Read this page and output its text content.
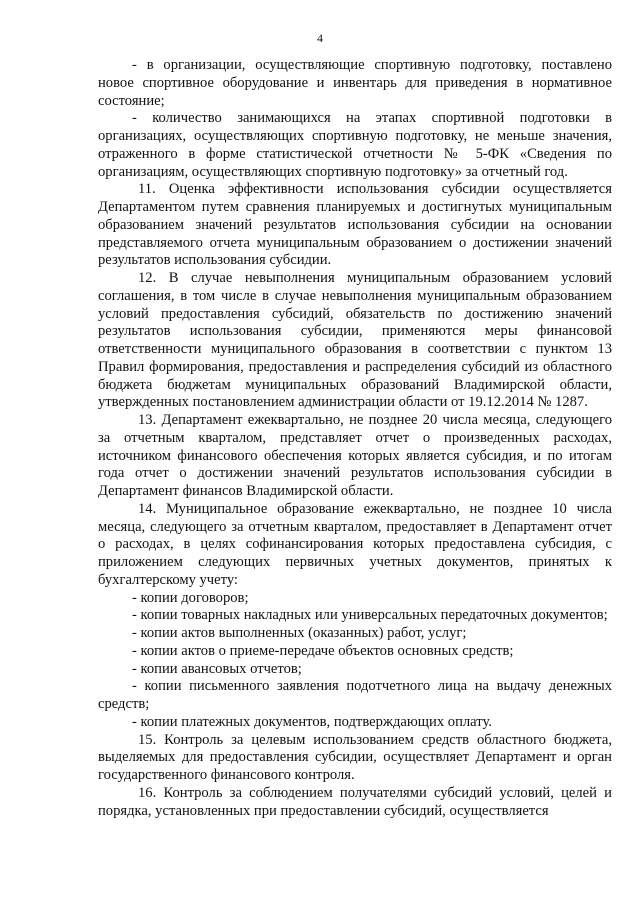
4

- в организации, осуществляющие спортивную подготовку, поставлено новое спортивное оборудование и инвентарь для приведения в нормативное состояние;

- количество занимающихся на этапах спортивной подготовки в организациях, осуществляющих спортивную подготовку, не меньше значения, отраженного в форме статистической отчетности № 5-ФК «Сведения по организациям, осуществляющих спортивную подготовку» за отчетный год.

11. Оценка эффективности использования субсидии осуществляется Департаментом путем сравнения планируемых и достигнутых муниципальным образованием значений результатов использования субсидии на основании представляемого отчета муниципальным образованием о достижении значений результатов использования субсидии.

12. В случае невыполнения муниципальным образованием условий соглашения, в том числе в случае невыполнения муниципальным образованием условий предоставления субсидий, обязательств по достижению значений результатов использования субсидии, применяются меры финансовой ответственности муниципального образования в соответствии с пунктом 13 Правил формирования, предоставления и распределения субсидий из областного бюджета бюджетам муниципальных образований Владимирской области, утвержденных постановлением администрации области от 19.12.2014 № 1287.

13. Департамент ежеквартально, не позднее 20 числа месяца, следующего за отчетным кварталом, представляет отчет о произведенных расходах, источником финансового обеспечения которых является субсидия, и по итогам года отчет о достижении значений результатов использования субсидии в Департамент финансов Владимирской области.

14. Муниципальное образование ежеквартально, не позднее 10 числа месяца, следующего за отчетным кварталом, предоставляет в Департамент отчет о расходах, в целях софинансирования которых предоставлена субсидия, с приложением следующих первичных учетных документов, принятых к бухгалтерскому учету:

- копии договоров;

- копии товарных накладных или универсальных передаточных документов;

- копии актов выполненных (оказанных) работ, услуг;

- копии актов о приеме-передаче объектов основных средств;

- копии авансовых отчетов;

- копии письменного заявления подотчетного лица на выдачу денежных средств;

- копии платежных документов, подтверждающих оплату.

15. Контроль за целевым использованием средств областного бюджета, выделяемых для предоставления субсидии, осуществляет Департамент и орган государственного финансового контроля.

16. Контроль за соблюдением получателями субсидий условий, целей и порядка, установленных при предоставлении субсидий, осуществляется
